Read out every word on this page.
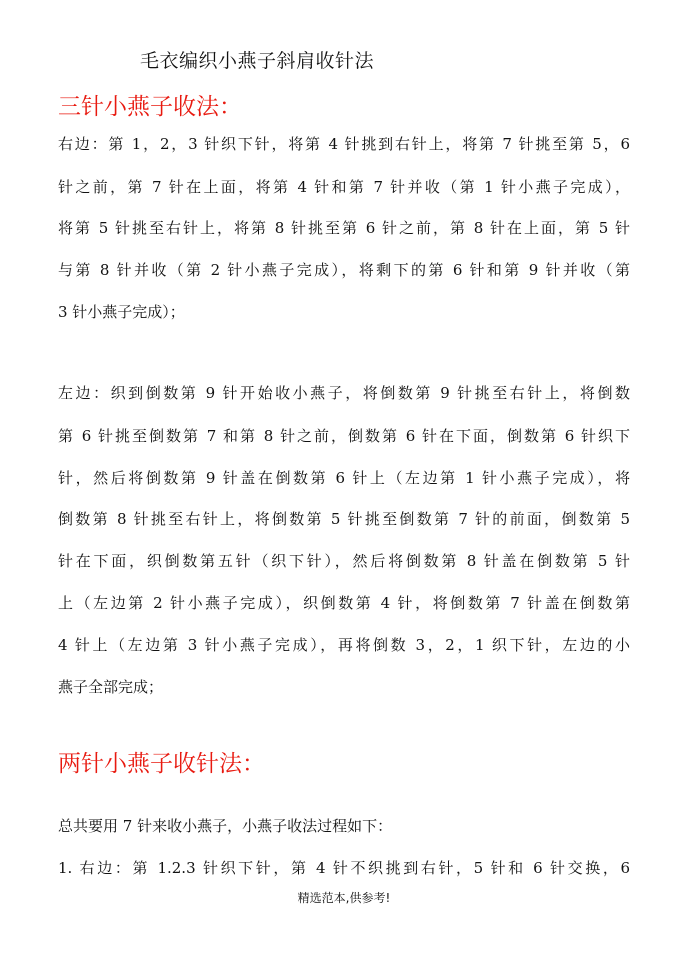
毛衣编织小燕子斜肩收针法
三针小燕子收法：
右边：第 1，2，3 针织下针，将第 4 针挑到右针上，将第 7 针挑至第 5，6
针之前，第 7 针在上面，将第 4 针和第 7 针并收（第 1 针小燕子完成），
将第 5 针挑至右针上，将第 8 针挑至第 6 针之前，第 8 针在上面，第 5 针
与第 8 针并收（第 2 针小燕子完成），将剩下的第 6 针和第 9 针并收（第
3 针小燕子完成）；
左边：织到倒数第 9 针开始收小燕子，将倒数第 9 针挑至右针上，将倒数
第 6 针挑至倒数第 7 和第 8 针之前，倒数第 6 针在下面，倒数第 6 针织下
针，然后将倒数第 9 针盖在倒数第 6 针上（左边第 1 针小燕子完成），将
倒数第 8 针挑至右针上，将倒数第 5 针挑至倒数第 7 针的前面，倒数第 5
针在下面，织倒数第五针（织下针），然后将倒数第 8 针盖在倒数第 5 针
上（左边第 2 针小燕子完成），织倒数第 4 针，将倒数第 7 针盖在倒数第
4 针上（左边第 3 针小燕子完成），再将倒数 3，2，1 织下针，左边的小
燕子全部完成；
两针小燕子收针法：
总共要用 7 针来收小燕子，小燕子收法过程如下：
1. 右边：第 1.2.3 针织下针，第 4 针不织挑到右针，5 针和 6 针交换，6
精选范本,供参考!
